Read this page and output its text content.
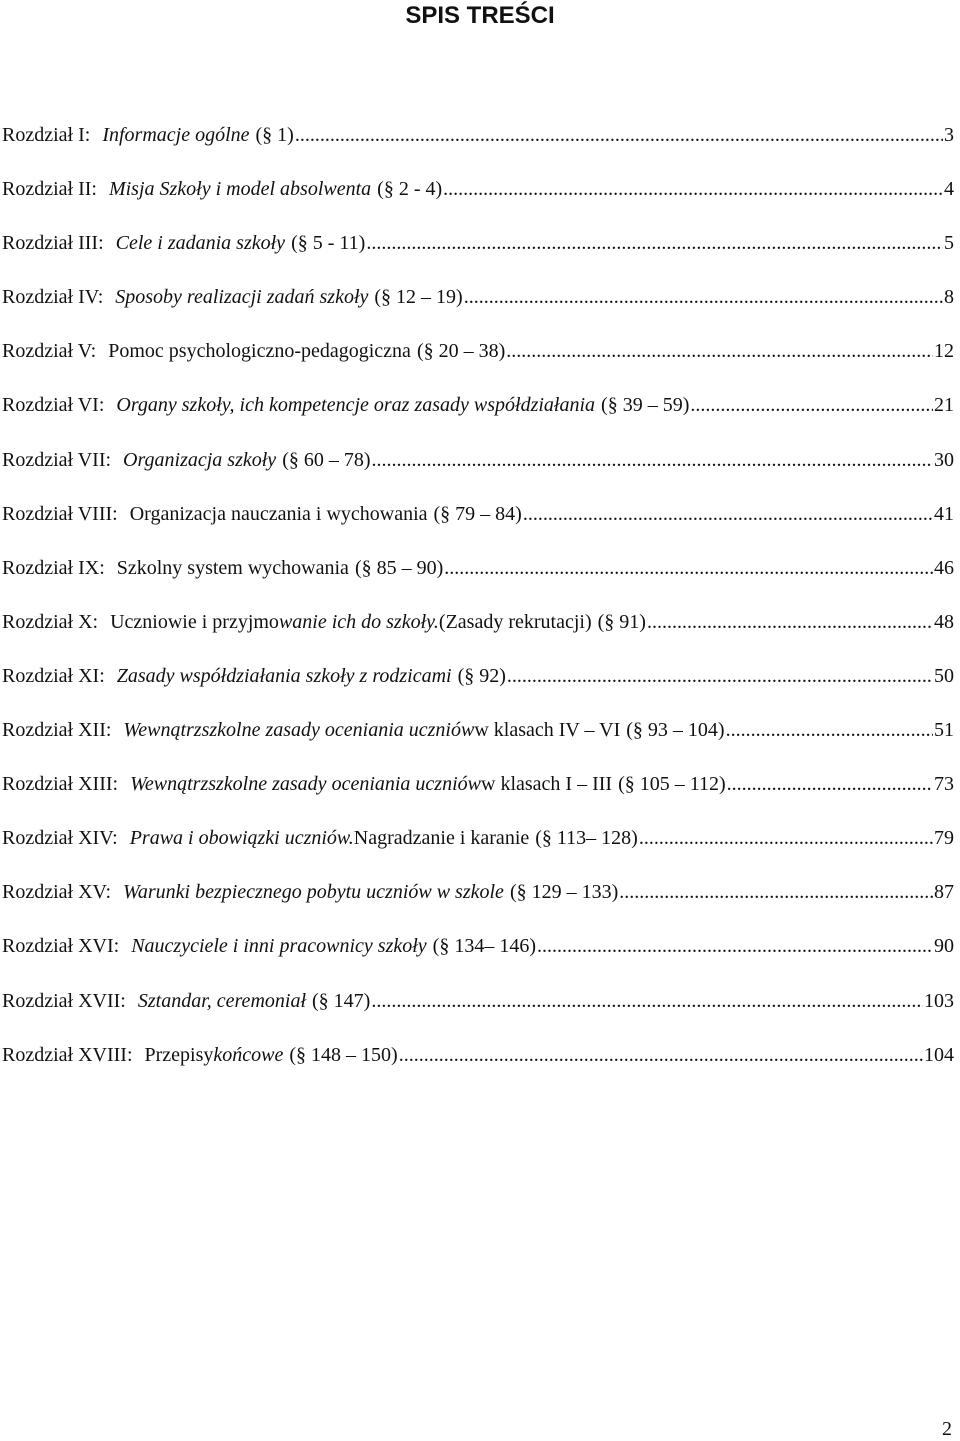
SPIS TREŚCI
Rozdział I: Informacje ogólne (§ 1) .....	3
Rozdział II: Misja Szkoły i model absolwenta (§ 2 - 4) .....	4
Rozdział III: Cele i zadania szkoły (§ 5 - 11) .....	5
Rozdział IV: Sposoby realizacji zadań szkoły (§ 12 – 19) .....	8
Rozdział V: Pomoc psychologiczno-pedagogiczna (§ 20 – 38) .....	12
Rozdział VI: Organy szkoły, ich kompetencje oraz zasady współdziałania (§ 39 – 59) .....	21
Rozdział VII: Organizacja szkoły (§ 60 – 78) .....	30
Rozdział VIII: Organizacja nauczania i wychowania (§ 79 – 84) .....	41
Rozdział IX: Szkolny system wychowania (§ 85 – 90) .....	46
Rozdział X: Uczniowie i przyjmo wanie ich do szkoły. (Zasady rekrutacji) (§ 91) .....	48
Rozdział XI: Zasady współdziałania szkoły z rodzicami (§ 92) .....	50
Rozdział XII: Wewnątrzszkolne zasady oceniania uczniów w klasach IV – VI (§ 93 – 104) .....	51
Rozdział XIII: Wewnątrzszkolne zasady oceniania uczniów w klasach I – III (§ 105 – 112) .....	73
Rozdział XIV: Prawa i obowiązki uczniów. Nagradzanie i karanie (§ 113– 128) .....	79
Rozdział XV: Warunki bezpiecznego pobytu uczniów w szkole (§ 129 – 133) .....	87
Rozdział XVI: Nauczyciele i inni pracownicy szkoły (§ 134– 146) .....	90
Rozdział XVII: Sztandar, ceremoniał (§ 147) .....	103
Rozdział XVIII: Przepisy końcowe (§ 148 – 150) .....	104
2
